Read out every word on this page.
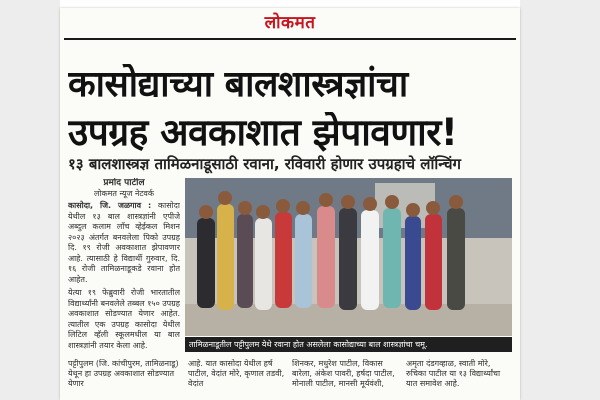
लोकमत
कासोद्याच्या बालशास्त्रज्ञांचा
उपग्रह अवकाशात झेपावणार!
१३ बालशास्त्रज्ञ तामिळनाडूसाठी रवाना, रविवारी होणार उपग्रहाचे लॉन्चिंग
प्रमोद पाटील
लोकमत न्यूज नेटवर्क

कासोदा, जि. जळगाव : कासोदा येथील १३ बाल शास्त्रज्ञांनी एपीजे अब्दुल कलाम लॉंच व्हेईकल मिशन २०२३ अंतर्गत बनवलेला पिको उपग्रह दि. १९ रोजी अवकाशात झेपावणार आहे. त्यासाठी हे विद्यार्थी गुरुवार, दि. १६ रोजी तामिळनाडूकडे रवाना होत आहेत.

येत्या १९ फेब्रुवारी रोजी भारतातील विद्यार्थ्यांनी बनवलेले तब्बल १५० उपग्रह अवकाशात सोडण्यात येणार आहेत. त्यातील एक उपग्रह कासोदा येथील लिटिल व्हॅली स्कूलमधील या बाल शास्त्रज्ञांनी तयार केला आहे.	तामिळनाडूतील पट्टीपुलम येथे रवाना होत असलेला कासोद्याच्या बाल शास्त्रज्ञांचा चमू.
पट्टीपुलम (जि. कांचीपुरम, तामिळनाडू) येथून हा उपग्रह अवकाशात सोडण्यात येणार
आहे. यात कासोदा येथील हर्ष पाटील, वेदांत मोरे, कृणाल तडवी, वेदांत
शिनकर, मधुरेश पाटील, विकास बारेला, अंकेश पावरी, हर्षदा पाटील, मोनाली पाटील, मानसी मूर्यवंशी,
अमृता दंडगव्हाळ, स्वाती मोरे, रुचिका पाटील या १३ विद्यार्थ्यांचा यात समावेश आहे.
